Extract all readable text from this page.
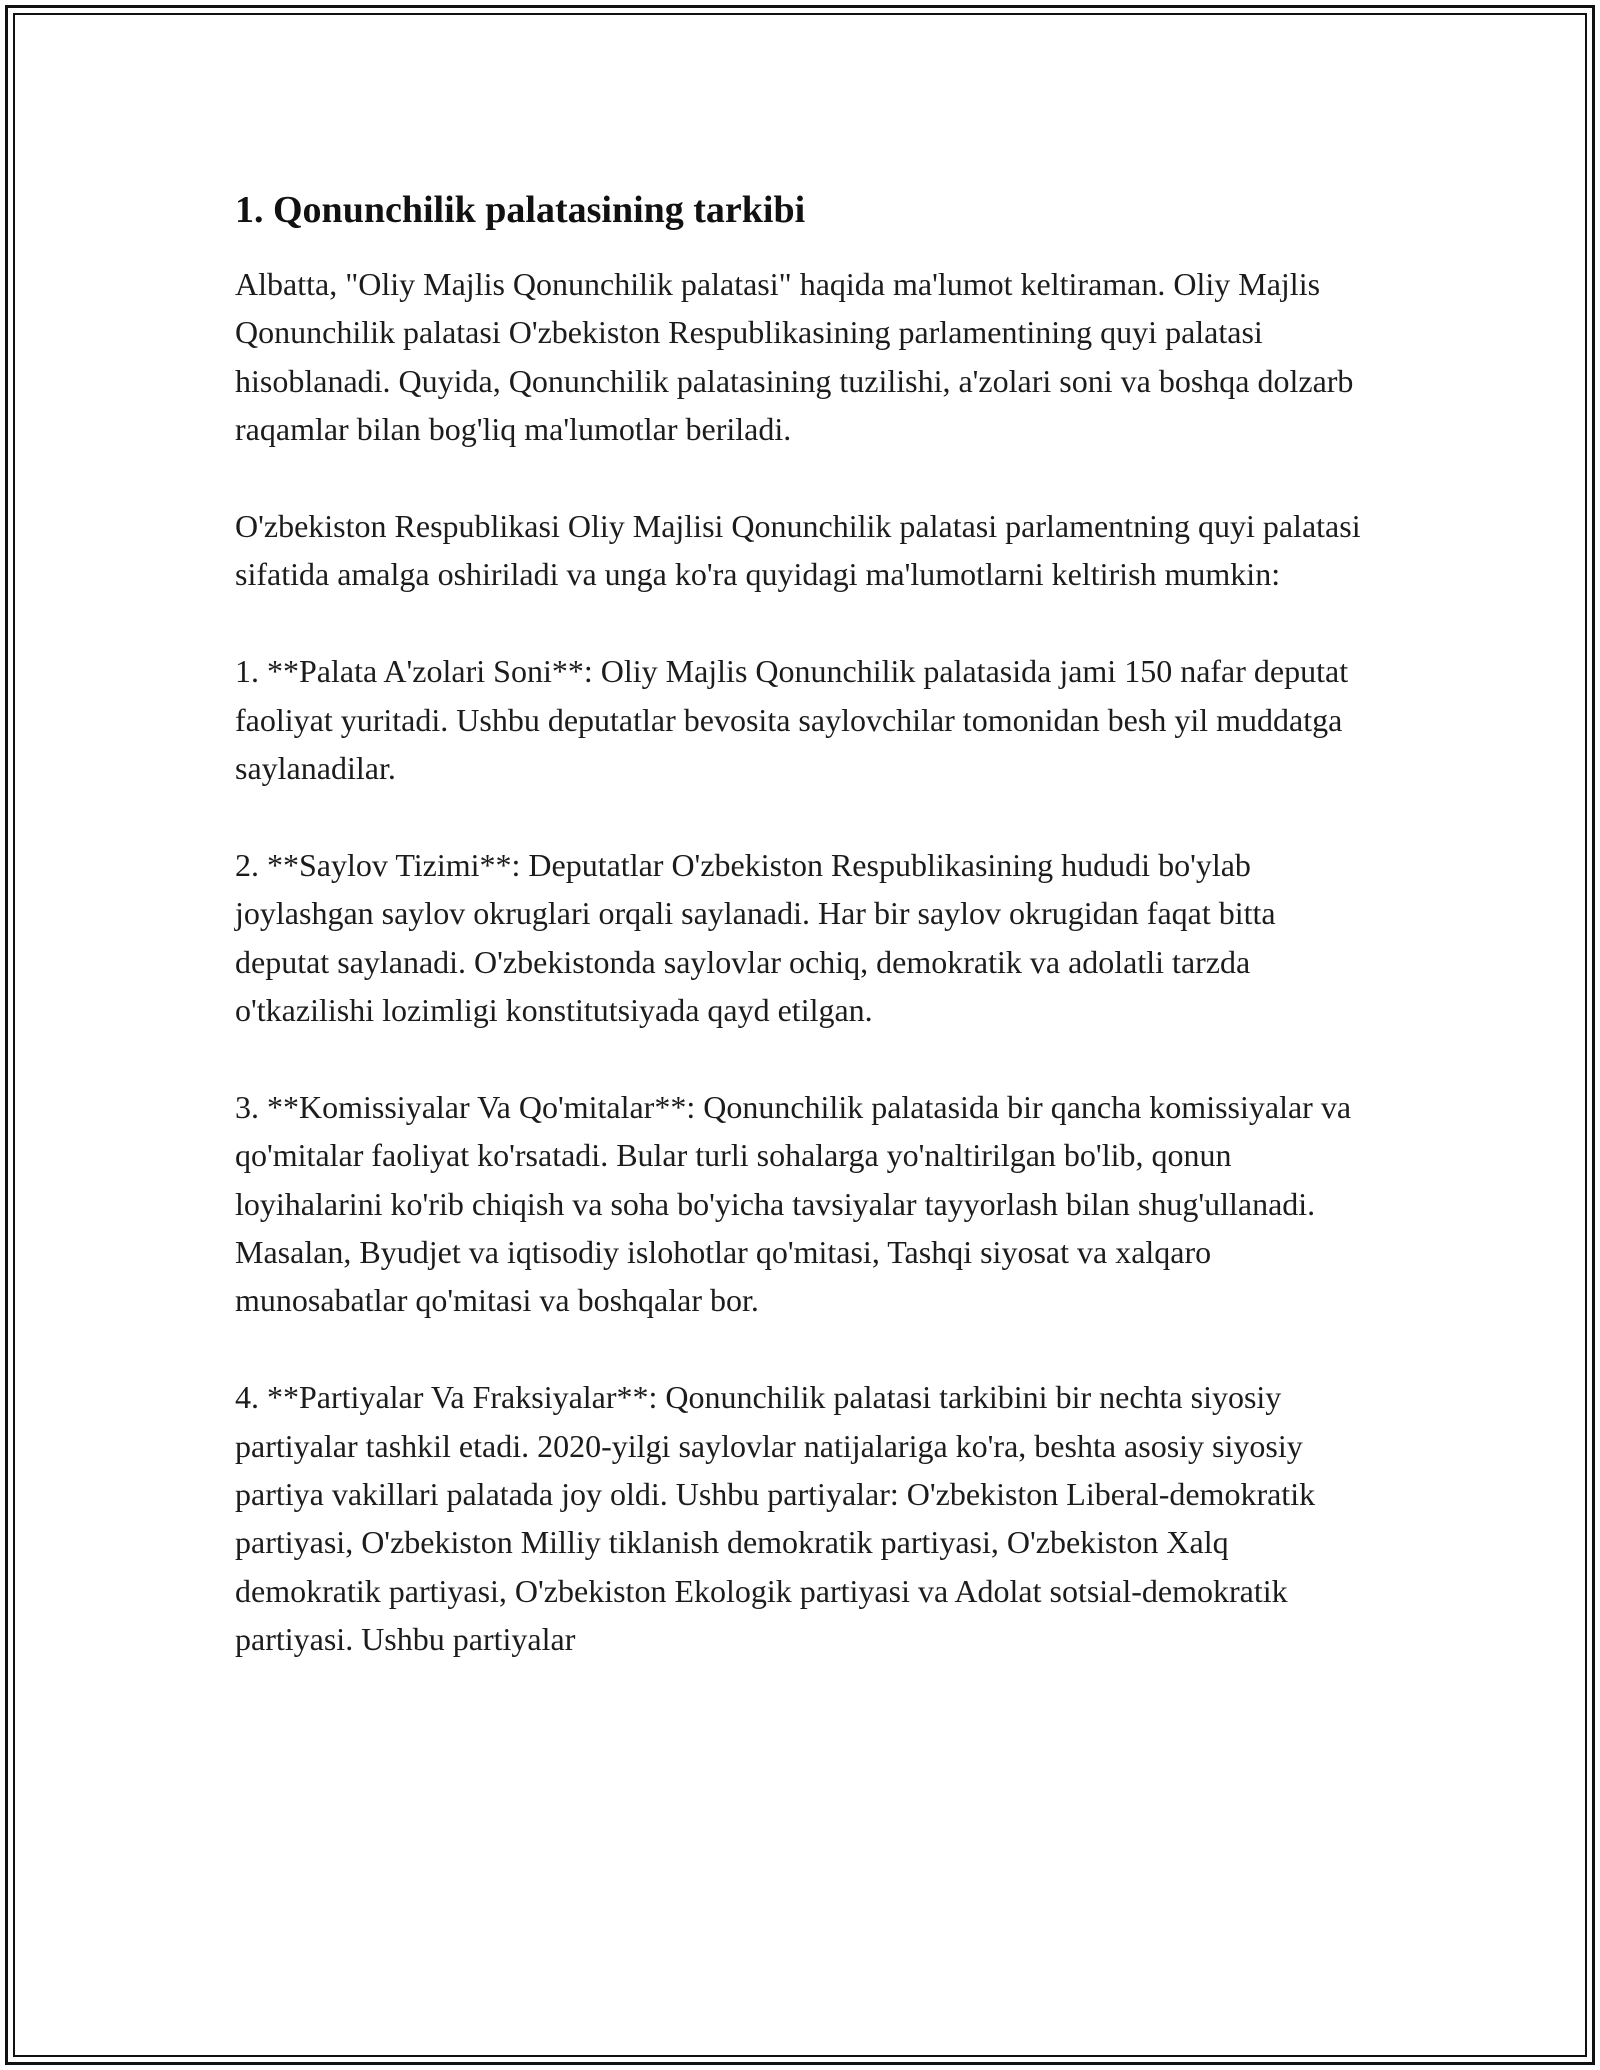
1. Qonunchilik palatasining tarkibi

Albatta, "Oliy Majlis Qonunchilik palatasi" haqida ma'lumot keltiraman. Oliy Majlis Qonunchilik palatasi O'zbekiston Respublikasining parlamentining quyi palatasi hisoblanadi. Quyida, Qonunchilik palatasining tuzilishi, a'zolari soni va boshqa dolzarb raqamlar bilan bog'liq ma'lumotlar beriladi.

O'zbekiston Respublikasi Oliy Majlisi Qonunchilik palatasi parlamentning quyi palatasi sifatida amalga oshiriladi va unga ko'ra quyidagi ma'lumotlarni keltirish mumkin:

1. **Palata A'zolari Soni**: Oliy Majlis Qonunchilik palatasida jami 150 nafar deputat faoliyat yuritadi. Ushbu deputatlar bevosita saylovchilar tomonidan besh yil muddatga saylanadilar.

2. **Saylov Tizimi**: Deputatlar O'zbekiston Respublikasining hududi bo'ylab joylashgan saylov okruglari orqali saylanadi. Har bir saylov okrugidan faqat bitta deputat saylanadi. O'zbekistonda saylovlar ochiq, demokratik va adolatli tarzda o'tkazilishi lozimligi konstitutsiyada qayd etilgan.

3. **Komissiyalar Va Qo'mitalar**: Qonunchilik palatasida bir qancha komissiyalar va qo'mitalar faoliyat ko'rsatadi. Bular turli sohalarga yo'naltirilgan bo'lib, qonun loyihalarini ko'rib chiqish va soha bo'yicha tavsiyalar tayyorlash bilan shug'ullanadi. Masalan, Byudjet va iqtisodiy islohotlar qo'mitasi, Tashqi siyosat va xalqaro munosabatlar qo'mitasi va boshqalar bor.

4. **Partiyalar Va Fraksiyalar**: Qonunchilik palatasi tarkibini bir nechta siyosiy partiyalar tashkil etadi. 2020-yilgi saylovlar natijalariga ko'ra, beshta asosiy siyosiy partiya vakillari palatada joy oldi. Ushbu partiyalar: O'zbekiston Liberal-demokratik partiyasi, O'zbekiston Milliy tiklanish demokratik partiyasi, O'zbekiston Xalq demokratik partiyasi, O'zbekiston Ekologik partiyasi va Adolat sotsial-demokratik partiyasi. Ushbu partiyalar
